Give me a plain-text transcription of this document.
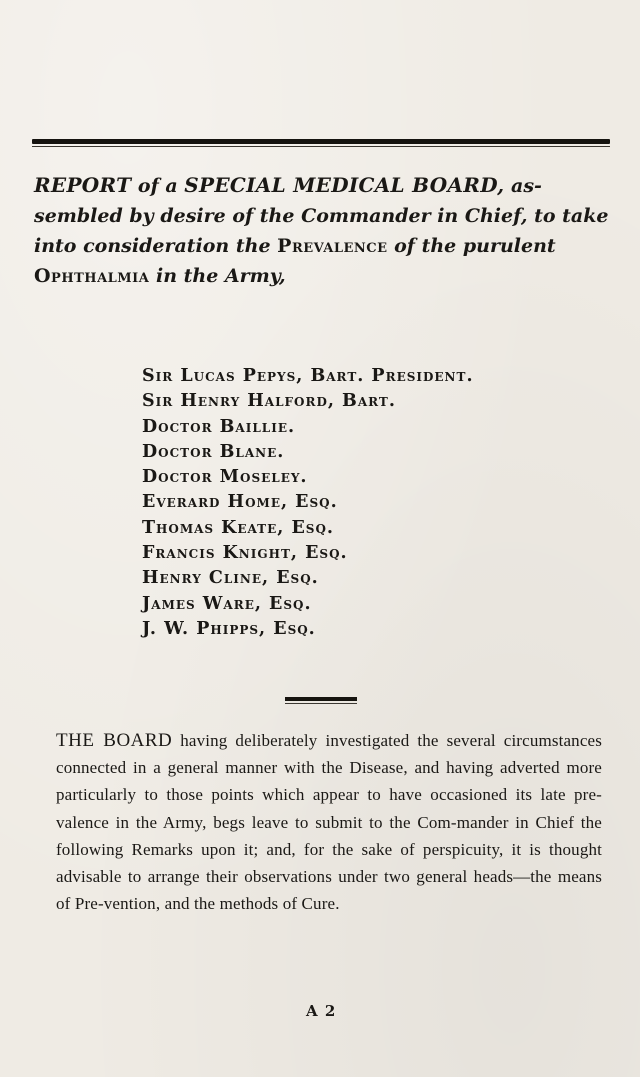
REPORT of a SPECIAL MEDICAL BOARD, as-
sembled by desire of the Commander in Chief, to take
into consideration the Prevalence of the purulent
Ophthalmia in the Army,
Sir Lucas Pepys, Bart. President.
Sir Henry Halford, Bart.
Doctor Baillie.
Doctor Blane.
Doctor Moseley.
Everard Home, Esq.
Thomas Keate, Esq.
Francis Knight, Esq.
Henry Cline, Esq.
James Ware, Esq.
J. W. Phipps, Esq.
THE BOARD having deliberately investigated the several circumstances connected in a general manner with the Disease, and having adverted more particularly to those points which appear to have occasioned its late pre-valence in the Army, begs leave to submit to the Com-mander in Chief the following Remarks upon it; and, for the sake of perspicuity, it is thought advisable to arrange their observations under two general heads—the means of Pre-vention, and the methods of Cure.
A 2
